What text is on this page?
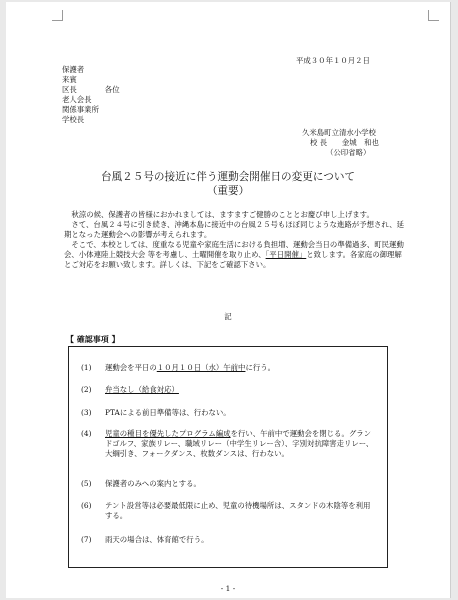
平成３０年１０月２日
保護者
来賓
区長	各位
老人会長
関係事業所
学校長
久米島町立清水小学校
校 長　　金城　和也
（公印省略）
台風２５号の接近に伴う運動会開催日の変更について
（重要）

　秋涼の候、保護者の皆様におかれましては、ますますご健勝のこととお慶び申し上げます。

　さて、台風２４号に引き続き、沖縄本島に接近中の台風２５号もほぼ同じような進路が予想され、延期となった運動会への影響が考えられます。

　そこで、本校としては、度重なる児童や家庭生活における負担増、運動会当日の準備過多、町民運動会、小体連陸上競技大会 等を考慮し、土曜開催を取り止め、「平日開催」と致します。各家庭の御理解とご対応をお願い致します。詳しくは、下記をご確認下さい。

記
【 確認事項 】
(1)	運動会を平日の１０月１０日（水）午前中に行う。
(2)	弁当なし（給食対応）
(3)	PTAによる前日準備等は、行わない。
(4)	児童の種目を優先したプログラム編成を行い、午前中で運動会を閉じる。グランドゴルフ、家族リレー、職域リレー（中学生リレー含）、字別対抗障害走リレー、大綱引き、フォークダンス、枚数ダンスは、行わない。
(5)	保護者のみへの案内とする。
(6)	テント設営等は必要最低限に止め、児童の待機場所は、スタンドの木陰等を利用する。
(7)	雨天の場合は、体育館で行う。
- 1 -
